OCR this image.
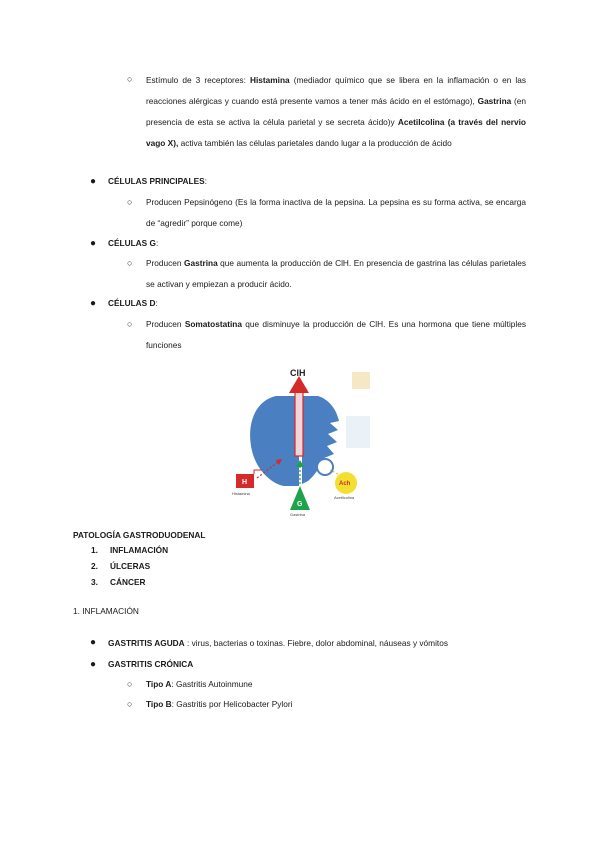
○ Estímulo de 3 receptores: Histamina (mediador químico que se libera en la inflamación o en las reacciones alérgicas y cuando está presente vamos a tener más ácido en el estómago), Gastrina (en presencia de esta se activa la célula parietal y se secreta ácido)y Acetilcolina (a través del nervio vago X), activa también las células parietales dando lugar a la producción de ácido
● CÉLULAS PRINCIPALES:
○ Producen Pepsinógeno (Es la forma inactiva de la pepsina. La pepsina es su forma activa, se encarga de “agredir” porque come)
● CÉLULAS G:
○ Producen Gastrina que aumenta la producción de ClH. En presencia de gastrina las células parietales se activan y empiezan a producir ácido.
● CÉLULAS D:
○ Producen Somatostatina que disminuye la producción de ClH. Es una hormona que tiene múltiples funciones
ClH
H
Histamina
G
Gastrina
Ach
Acetilcolina
PATOLOGÍA GASTRODUODENAL
1. INFLAMACIÓN
2. ÚLCERAS
3. CÁNCER
1. INFLAMACIÓN
● GASTRITIS AGUDA : virus, bacterias o toxinas. Fiebre, dolor abdominal, náuseas y vómitos
● GASTRITIS CRÓNICA
○ Tipo A: Gastritis Autoinmune
○ Tipo B: Gastritis por Helicobacter Pylori
